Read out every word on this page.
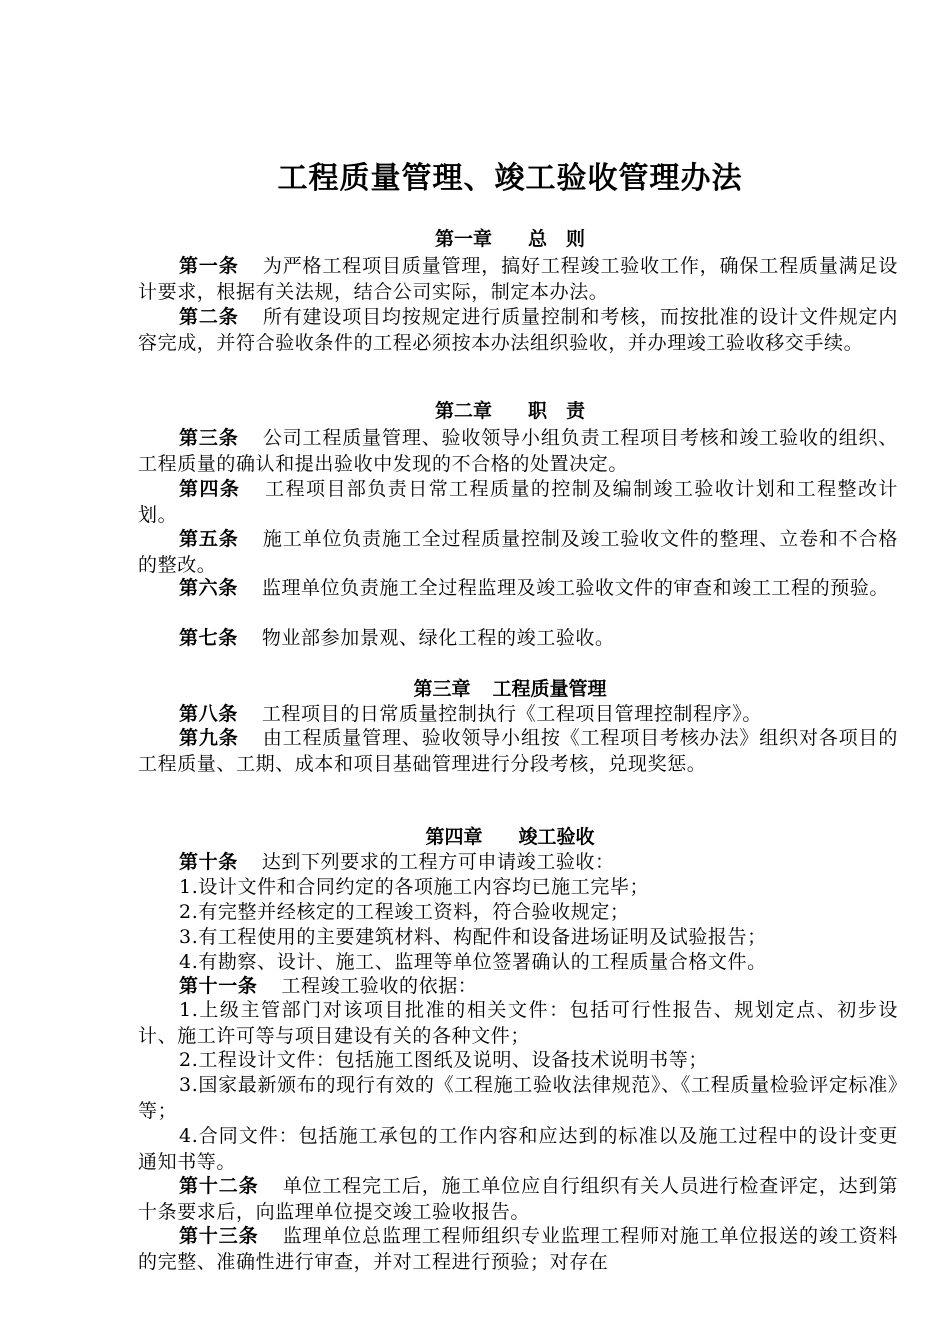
工程质量管理、竣工验收管理办法
第一章 总　则

第一条 为严格工程项目质量管理，搞好工程竣工验收工作，确保工程质量满足设计要求，根据有关法规，结合公司实际，制定本办法。

第二条 所有建设项目均按规定进行质量控制和考核，而按批准的设计文件规定内容完成，并符合验收条件的工程必须按本办法组织验收，并办理竣工验收移交手续。

第二章 职　责

第三条 公司工程质量管理、验收领导小组负责工程项目考核和竣工验收的组织、工程质量的确认和提出验收中发现的不合格的处置决定。

第四条 工程项目部负责日常工程质量的控制及编制竣工验收计划和工程整改计划。

第五条 施工单位负责施工全过程质量控制及竣工验收文件的整理、立卷和不合格的整改。

第六条 监理单位负责施工全过程监理及竣工验收文件的审查和竣工工程的预验。

第七条 物业部参加景观、绿化工程的竣工验收。

第三章 工程质量管理

第八条 工程项目的日常质量控制执行《工程项目管理控制程序》。

第九条 由工程质量管理、验收领导小组按《工程项目考核办法》组织对各项目的工程质量、工期、成本和项目基础管理进行分段考核，兑现奖惩。

第四章 竣工验收

第十条 达到下列要求的工程方可申请竣工验收：

1.设计文件和合同约定的各项施工内容均已施工完毕；

2.有完整并经核定的工程竣工资料，符合验收规定；

3.有工程使用的主要建筑材料、构配件和设备进场证明及试验报告；

4.有勘察、设计、施工、监理等单位签署确认的工程质量合格文件。

第十一条 工程竣工验收的依据：

1.上级主管部门对该项目批准的相关文件：包括可行性报告、规划定点、初步设计、施工许可等与项目建设有关的各种文件；

2.工程设计文件：包括施工图纸及说明、设备技术说明书等；

3.国家最新颁布的现行有效的《工程施工验收法律规范》、《工程质量检验评定标准》等；

4.合同文件：包括施工承包的工作内容和应达到的标准以及施工过程中的设计变更通知书等。

第十二条 单位工程完工后，施工单位应自行组织有关人员进行检查评定，达到第十条要求后，向监理单位提交竣工验收报告。

第十三条 监理单位总监理工程师组织专业监理工程师对施工单位报送的竣工资料的完整、准确性进行审查，并对工程进行预验；对存在
